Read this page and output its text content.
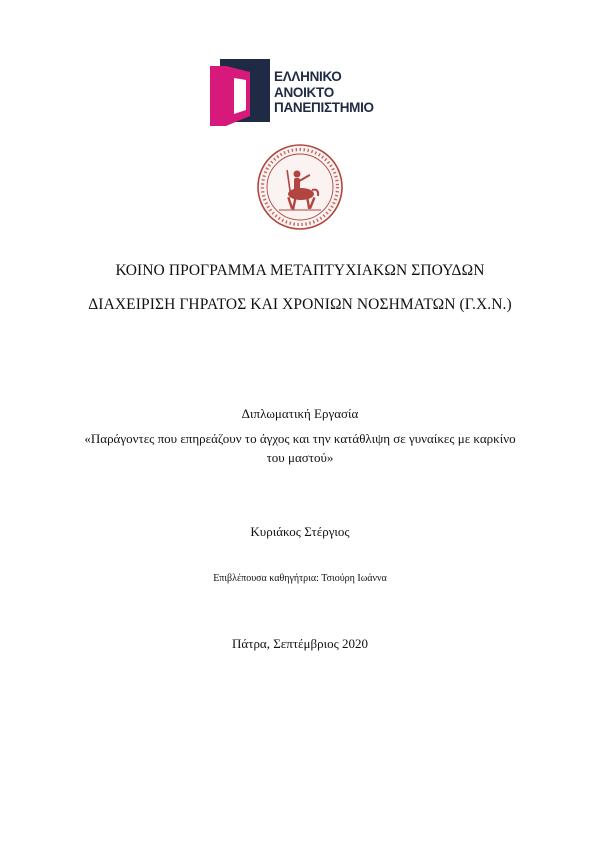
ΕΛΛΗΝΙΚΟ
ΑΝΟΙΚΤΟ
ΠΑΝΕΠΙΣΤΗΜΙΟ
ΚΟΙΝΟ ΠΡΟΓΡΑΜΜΑ ΜΕΤΑΠΤΥΧΙΑΚΩΝ ΣΠΟΥΔΩΝ
ΔΙΑΧΕΙΡΙΣΗ ΓΗΡΑΤΟΣ ΚΑΙ ΧΡΟΝΙΩΝ ΝΟΣΗΜΑΤΩΝ (Γ.Χ.Ν.)
Διπλωματική Εργασία
«Παράγοντες που επηρεάζουν το άγχος και την κατάθλιψη σε γυναίκες με καρκίνο
του μαστού»
Κυριάκος Στέργιος
Επιβλέπουσα καθηγήτρια: Τσιούρη Ιωάννα
Πάτρα, Σεπτέμβριος 2020
